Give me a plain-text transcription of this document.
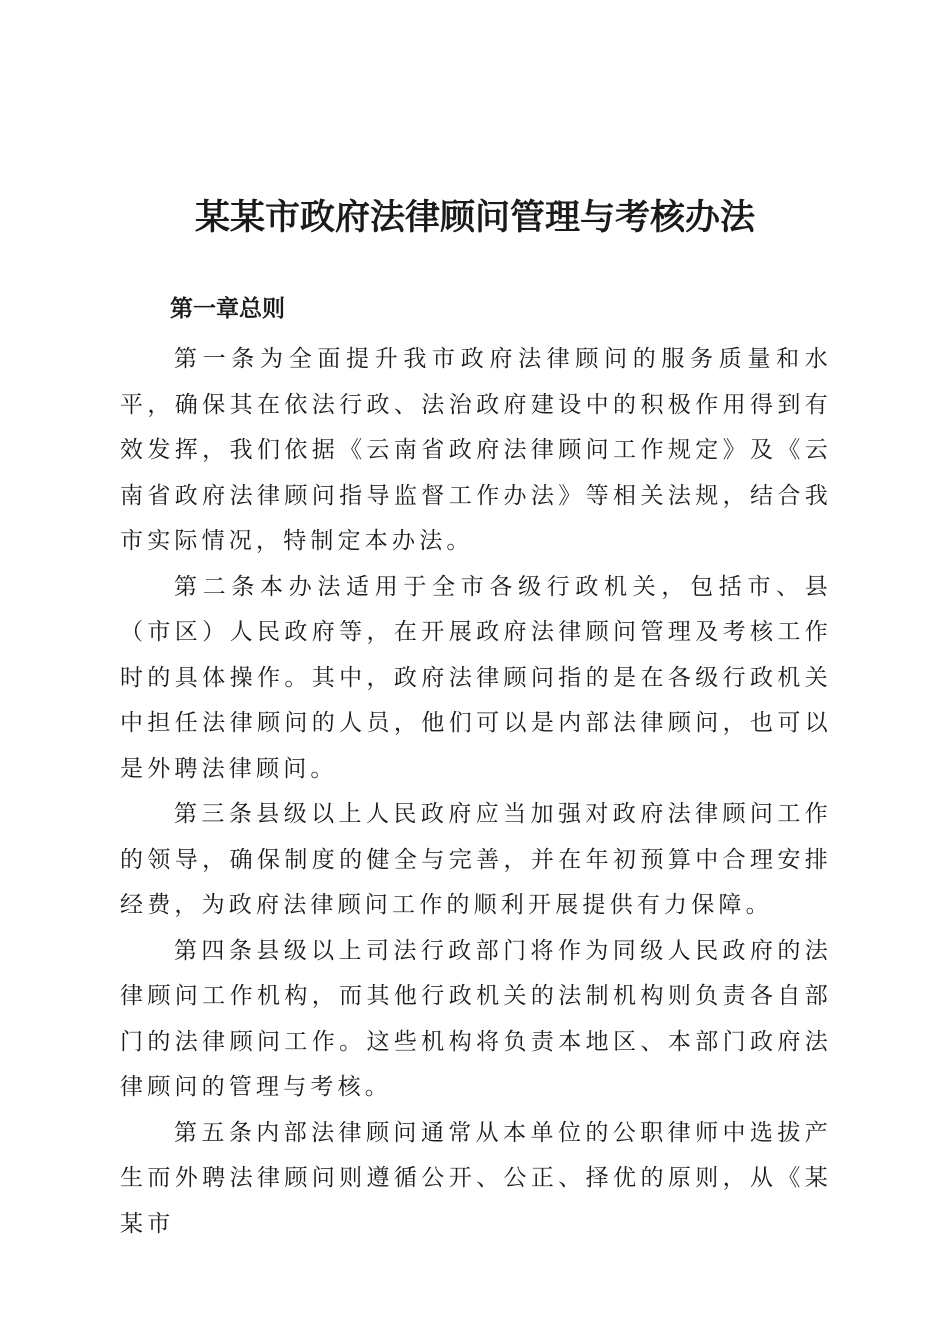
某某市政府法律顾问管理与考核办法
第一章总则

第一条为全面提升我市政府法律顾问的服务质量和水平，确保其在依法行政、法治政府建设中的积极作用得到有效发挥，我们依据《云南省政府法律顾问工作规定》及《云南省政府法律顾问指导监督工作办法》等相关法规，结合我市实际情况，特制定本办法。

第二条本办法适用于全市各级行政机关，包括市、县（市区）人民政府等，在开展政府法律顾问管理及考核工作时的具体操作。其中，政府法律顾问指的是在各级行政机关中担任法律顾问的人员，他们可以是内部法律顾问，也可以是外聘法律顾问。

第三条县级以上人民政府应当加强对政府法律顾问工作的领导，确保制度的健全与完善，并在年初预算中合理安排经费，为政府法律顾问工作的顺利开展提供有力保障。

第四条县级以上司法行政部门将作为同级人民政府的法律顾问工作机构，而其他行政机关的法制机构则负责各自部门的法律顾问工作。这些机构将负责本地区、本部门政府法律顾问的管理与考核。

第五条内部法律顾问通常从本单位的公职律师中选拔产生而外聘法律顾问则遵循公开、公正、择优的原则，从《某某市
